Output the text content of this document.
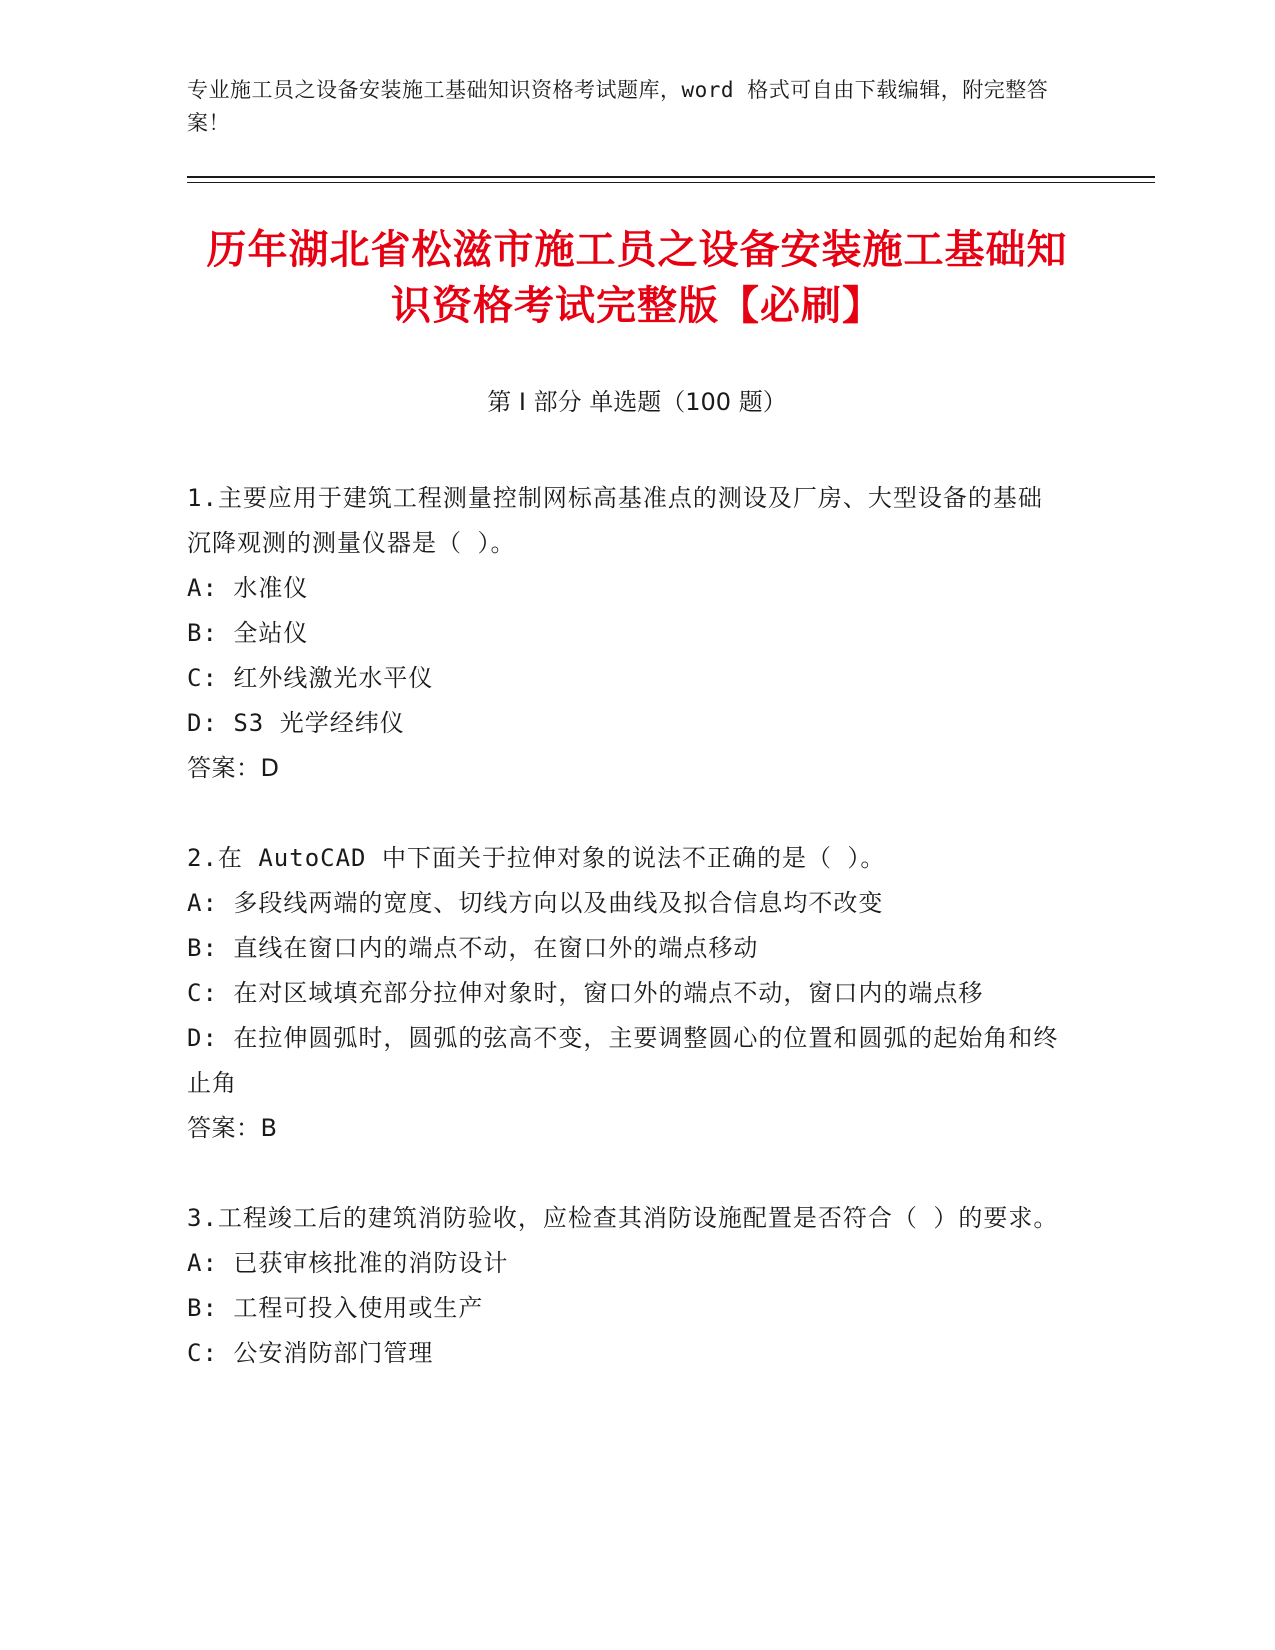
专业施工员之设备安装施工基础知识资格考试题库，word 格式可自由下载编辑，附完整答案！
历年湖北省松滋市施工员之设备安装施工基础知识资格考试完整版【必刷】
第 I 部分 单选题（100 题）

1.主要应用于建筑工程测量控制网标高基准点的测设及厂房、大型设备的基础沉降观测的测量仪器是（ ）。

A: 水准仪

B: 全站仪

C: 红外线激光水平仪

D: S3 光学经纬仪

答案：D

2.在 AutoCAD 中下面关于拉伸对象的说法不正确的是（ ）。

A: 多段线两端的宽度、切线方向以及曲线及拟合信息均不改变

B: 直线在窗口内的端点不动，在窗口外的端点移动

C: 在对区域填充部分拉伸对象时，窗口外的端点不动，窗口内的端点移

D: 在拉伸圆弧时，圆弧的弦高不变，主要调整圆心的位置和圆弧的起始角和终止角

答案：B

3.工程竣工后的建筑消防验收，应检查其消防设施配置是否符合（ ）的要求。

A: 已获审核批准的消防设计

B: 工程可投入使用或生产

C: 公安消防部门管理
